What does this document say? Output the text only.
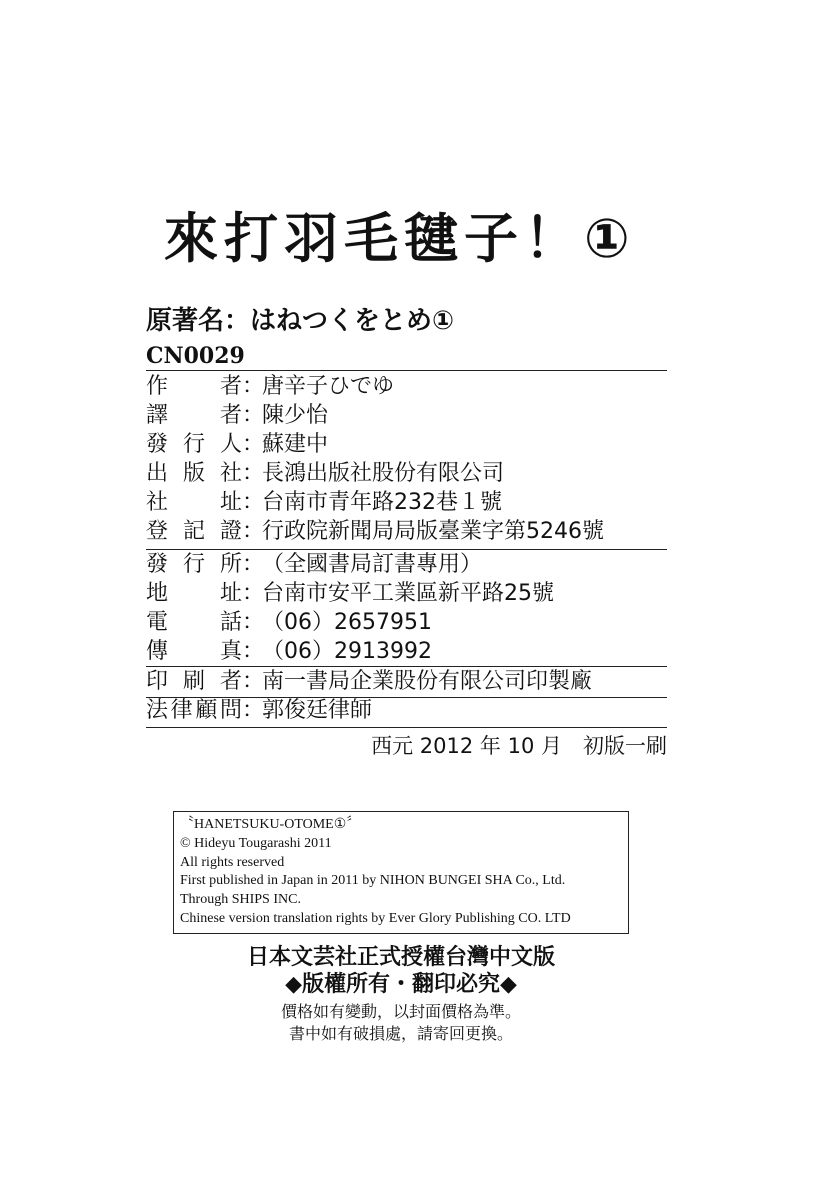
來打羽毛毽子！①
原著名：はねつくをとめ①
CN0029
作者：唐辛子ひでゆ
譯者：陳少怡
發行人：蘇建中
出版社：長鴻出版社股份有限公司
社址：台南市青年路232巷１號
登記證：行政院新聞局局版臺業字第5246號
發行所：（全國書局訂書專用）
地址：台南市安平工業區新平路25號
電話：（06）2657951
傳真：（06）2913992
印刷者：南一書局企業股份有限公司印製廠
法律顧問：郭俊廷律師
西元 2012 年 10 月　初版一刷
〝HANETSUKU-OTOME①〞
© Hideyu Tougarashi 2011
All rights reserved
First published in Japan in 2011 by NIHON BUNGEI SHA Co., Ltd.
Through SHIPS INC.
Chinese version translation rights by Ever Glory Publishing CO. LTD
日本文芸社正式授權台灣中文版
◆版權所有・翻印必究◆
價格如有變動，以封面價格為準。
書中如有破損處，請寄回更換。
